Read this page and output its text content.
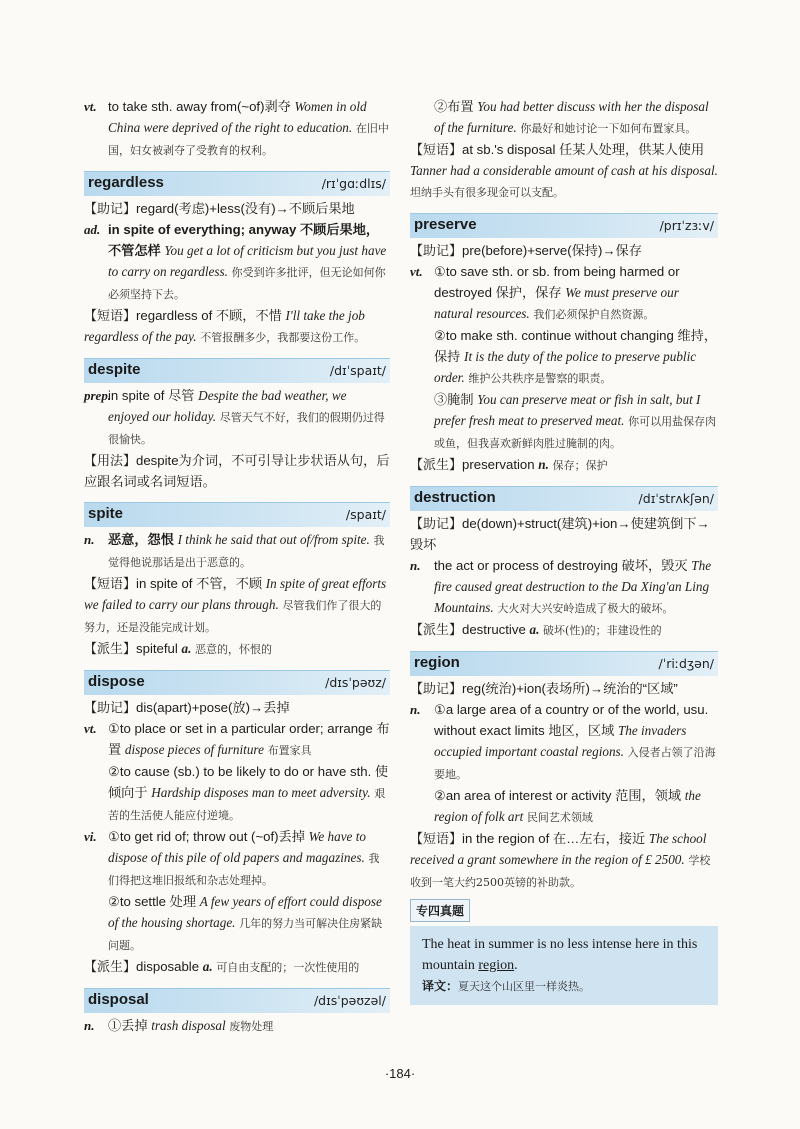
vt. to take sth. away from(~of)剥夺 Women in old China were deprived of the right to education. 在旧中国，妇女被剥夺了受教育的权利。

regardless	/rɪˈgɑːdlɪs/

【助记】regard(考虑)+less(没有)→不顾后果地

ad. in spite of everything; anyway 不顾后果地，不管怎样 You get a lot of criticism but you just have to carry on regardless. 你受到许多批评，但无论如何你必须坚持下去。

【短语】regardless of 不顾，不惜 I'll take the job regardless of the pay. 不管报酬多少，我都要这份工作。

despite	/dɪˈspaɪt/

prep.
in spite of 尽管 Despite the bad weather, we enjoyed our holiday. 尽管天气不好，我们的假期仍过得很愉快。

【用法】despite为介词，不可引导让步状语从句，后应跟名词或名词短语。

spite	/spaɪt/

n. 恶意，怨恨 I think he said that out of/from spite. 我觉得他说那话是出于恶意的。

【短语】in spite of 不管，不顾 In spite of great efforts we failed to carry our plans through. 尽管我们作了很大的努力，还是没能完成计划。

【派生】spiteful a. 恶意的，怀恨的

dispose	/dɪsˈpəʊz/

【助记】dis(apart)+pose(放)→丢掉

vt. ①to place or set in a particular order; arrange 布置 dispose pieces of furniture 布置家具

②to cause (sb.) to be likely to do or have sth. 使倾向于 Hardship disposes man to meet adversity. 艰苦的生活使人能应付逆境。

vi. ①to get rid of; throw out (~of)丢掉 We have to dispose of this pile of old papers and magazines. 我们得把这堆旧报纸和杂志处理掉。

②to settle 处理 A few years of effort could dispose of the housing shortage. 几年的努力当可解决住房紧缺问题。

【派生】disposable a. 可自由支配的；一次性使用的

disposal	/dɪsˈpəʊzəl/

n. ①丢掉 trash disposal 废物处理

②布置 You had better discuss with her the disposal of the furniture. 你最好和她讨论一下如何布置家具。

【短语】at sb.'s disposal 任某人处理，供某人使用 Tanner had a considerable amount of cash at his disposal. 坦纳手头有很多现金可以支配。

preserve	/prɪˈzɜːv/

【助记】pre(before)+serve(保持)→保存

vt. ①to save sth. or sb. from being harmed or destroyed 保护，保存 We must preserve our natural resources. 我们必须保护自然资源。

②to make sth. continue without changing 维持，保持 It is the duty of the police to preserve public order. 维护公共秩序是警察的职责。

③腌制 You can preserve meat or fish in salt, but I prefer fresh meat to preserved meat. 你可以用盐保存肉或鱼，但我喜欢新鲜肉胜过腌制的肉。

【派生】preservation n. 保存；保护

destruction	/dɪˈstrʌkʃən/

【助记】de(down)+struct(建筑)+ion→使建筑倒下→毁坏

n. the act or process of destroying 破坏，毁灭 The fire caused great destruction to the Da Xing'an Ling Mountains. 大火对大兴安岭造成了极大的破坏。

【派生】destructive a. 破坏(性)的；非建设性的

region	/ˈriːdʒən/

【助记】reg(统治)+ion(表场所)→统治的“区域”

n. ①a large area of a country or of the world, usu. without exact limits 地区，区域 The invaders occupied important coastal regions. 入侵者占领了沿海要地。

②an area of interest or activity 范围，领域 the region of folk art 民间艺术领域

【短语】in the region of 在…左右，接近 The school received a grant somewhere in the region of £ 2500. 学校收到一笔大约2500英镑的补助款。

专四真题
The heat in summer is no less intense here in this mountain region.
译文：夏天这个山区里一样炎热。
·184·
